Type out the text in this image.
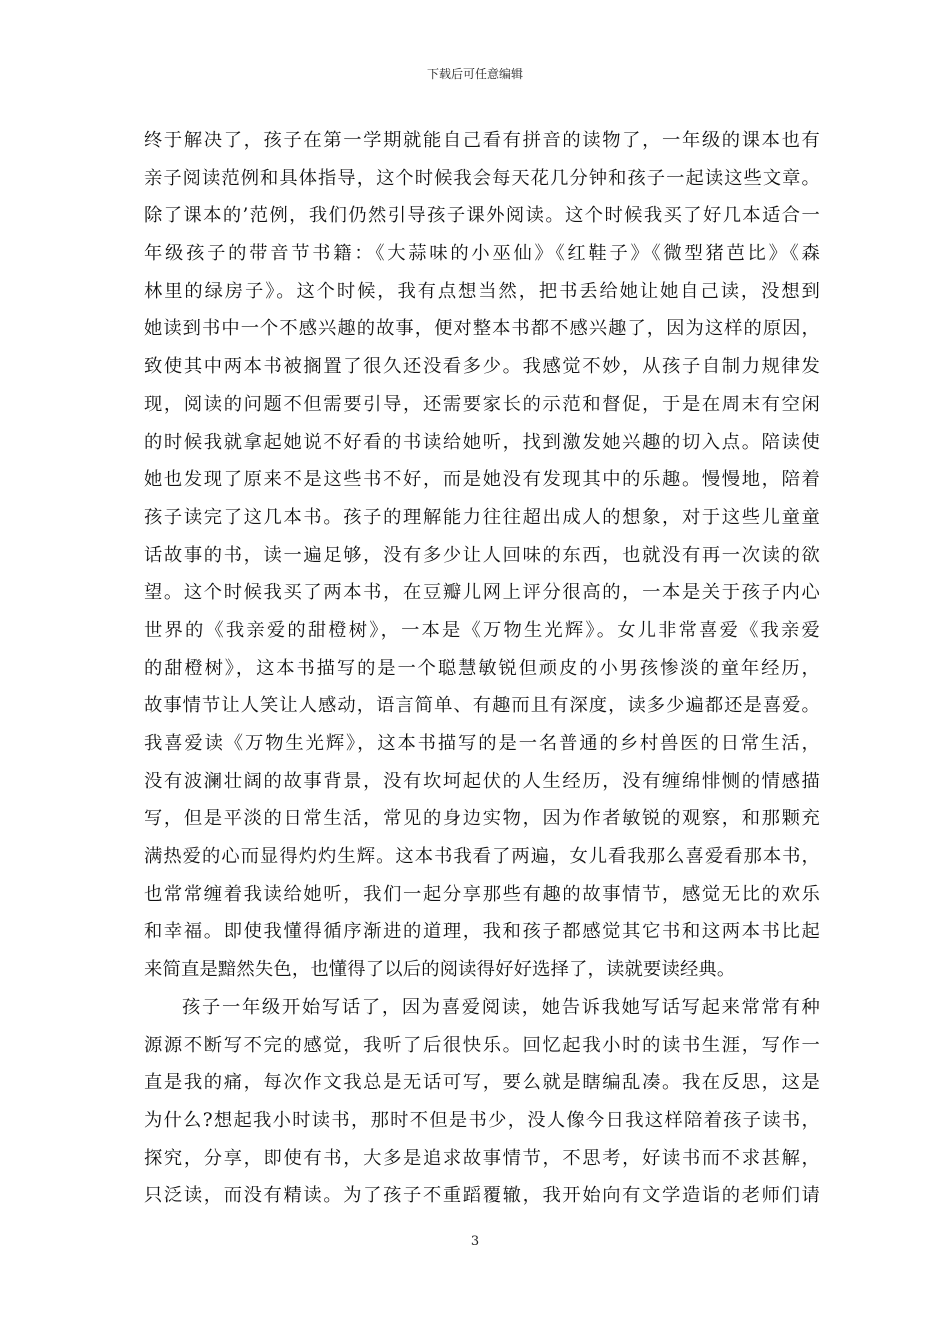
下载后可任意编辑
终于解决了，孩子在第一学期就能自己看有拼音的读物了，一年级的课本也有
亲子阅读范例和具体指导，这个时候我会每天花几分钟和孩子一起读这些文章。
除了课本的’范例，我们仍然引导孩子课外阅读。这个时候我买了好几本适合一
年级孩子的带音节书籍：《大蒜味的小巫仙》《红鞋子》《微型猪芭比》《森
林里的绿房子》。这个时候，我有点想当然，把书丢给她让她自己读，没想到
她读到书中一个不感兴趣的故事，便对整本书都不感兴趣了，因为这样的原因，
致使其中两本书被搁置了很久还没看多少。我感觉不妙，从孩子自制力规律发
现，阅读的问题不但需要引导，还需要家长的示范和督促，于是在周末有空闲
的时候我就拿起她说不好看的书读给她听，找到激发她兴趣的切入点。陪读使
她也发现了原来不是这些书不好，而是她没有发现其中的乐趣。慢慢地，陪着
孩子读完了这几本书。孩子的理解能力往往超出成人的想象，对于这些儿童童
话故事的书，读一遍足够，没有多少让人回味的东西，也就没有再一次读的欲
望。这个时候我买了两本书，在豆瓣儿网上评分很高的，一本是关于孩子内心
世界的《我亲爱的甜橙树》，一本是《万物生光辉》。女儿非常喜爱《我亲爱
的甜橙树》，这本书描写的是一个聪慧敏锐但顽皮的小男孩惨淡的童年经历，
故事情节让人笑让人感动，语言简单、有趣而且有深度，读多少遍都还是喜爱。
我喜爱读《万物生光辉》，这本书描写的是一名普通的乡村兽医的日常生活，
没有波澜壮阔的故事背景，没有坎坷起伏的人生经历，没有缠绵悱恻的情感描
写，但是平淡的日常生活，常见的身边实物，因为作者敏锐的观察，和那颗充
满热爱的心而显得灼灼生辉。这本书我看了两遍，女儿看我那么喜爱看那本书，
也常常缠着我读给她听，我们一起分享那些有趣的故事情节，感觉无比的欢乐
和幸福。即使我懂得循序渐进的道理，我和孩子都感觉其它书和这两本书比起
来简直是黯然失色，也懂得了以后的阅读得好好选择了，读就要读经典。
孩子一年级开始写话了，因为喜爱阅读，她告诉我她写话写起来常常有种
源源不断写不完的感觉，我听了后很快乐。回忆起我小时的读书生涯，写作一
直是我的痛，每次作文我总是无话可写，要么就是瞎编乱凑。我在反思，这是
为什么?想起我小时读书，那时不但是书少，没人像今日我这样陪着孩子读书，
探究，分享，即使有书，大多是追求故事情节，不思考，好读书而不求甚解，
只泛读，而没有精读。为了孩子不重蹈覆辙，我开始向有文学造诣的老师们请
3
